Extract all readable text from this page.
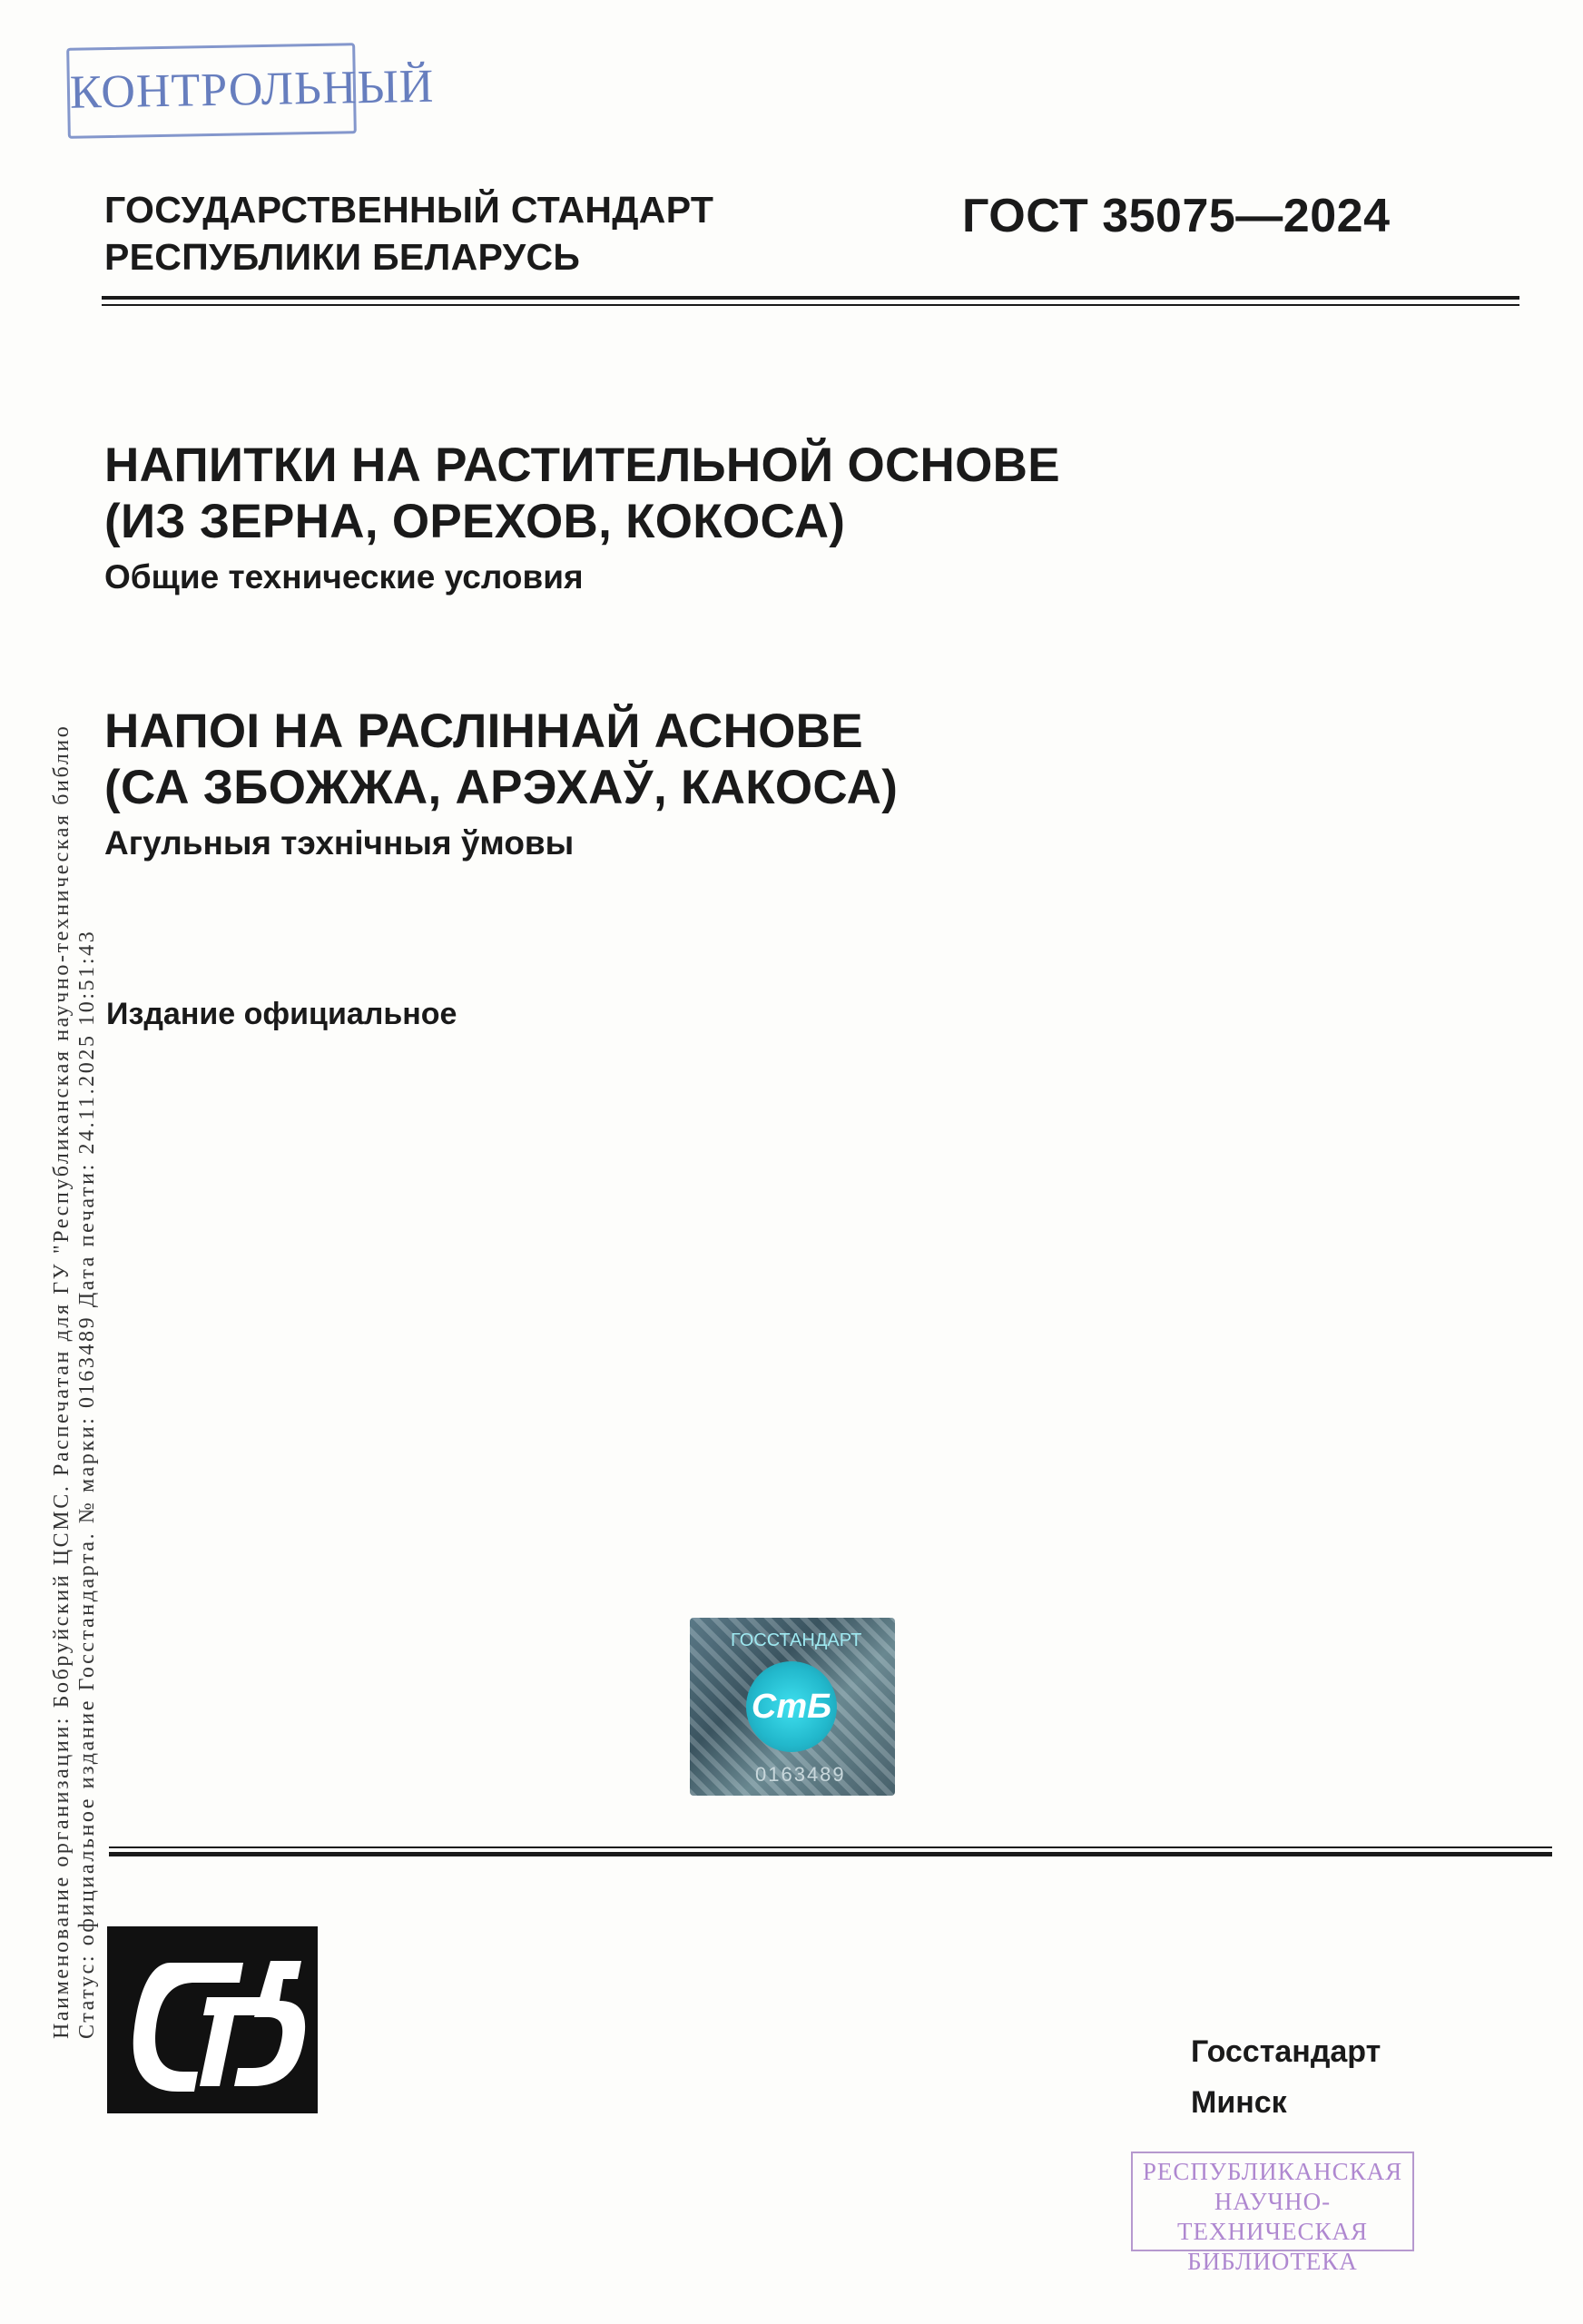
КОНТРОЛЬНЫЙ
ГОСУДАРСТВЕННЫЙ СТАНДАРТ
РЕСПУБЛИКИ БЕЛАРУСЬ
ГОСТ 35075—2024
НАПИТКИ НА РАСТИТЕЛЬНОЙ ОСНОВЕ
(ИЗ ЗЕРНА, ОРЕХОВ, КОКОСА)
Общие технические условия
НАПОІ НА РАСЛІННАЙ АСНОВЕ
(СА ЗБОЖЖА, АРЭХАЎ, КАКОСА)
Агульныя тэхнічныя ўмовы
Издание официальное
Наименование организации: Бобруйский ЦСМС. Распечатан для ГУ "Республиканская научно-техническая библио Статус: официальное издание Госстандарта. № марки: 0163489 Дата печати: 24.11.2025 10:51:43	ГОССТАНДАРТ
СтБ
0163489
Госстандарт
Минск
РЕСПУБЛИКАНСКАЯ
НАУЧНО-ТЕХНИЧЕСКАЯ
БИБЛИОТЕКА
